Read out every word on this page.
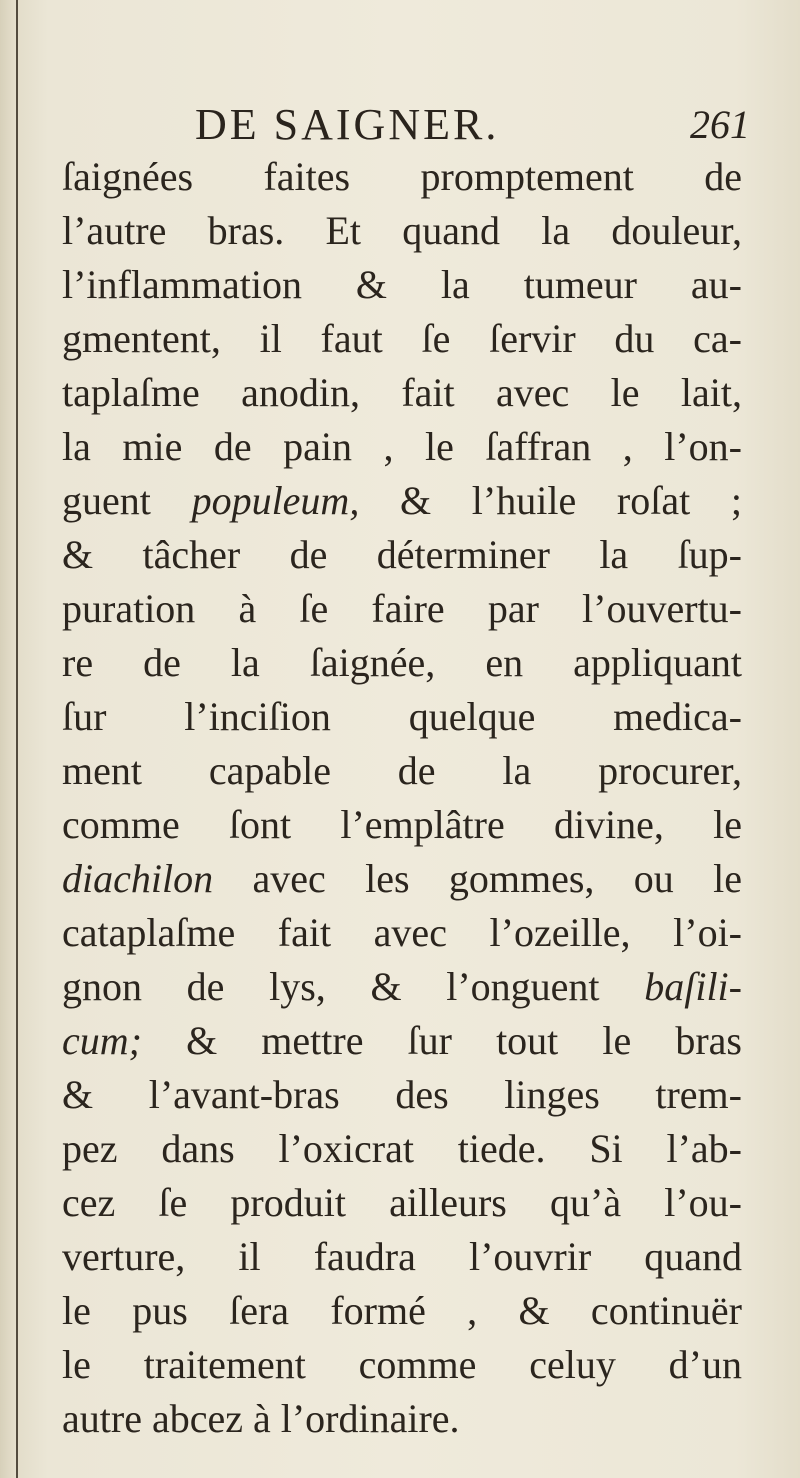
DE SAIGNER.	261
ſaignées faites promptement de
l’autre bras. Et quand la douleur,
l’inflammation & la tumeur au-
gmentent, il faut ſe ſervir du ca-
taplaſme anodin, fait avec le lait,
la mie de pain , le ſaffran , l’on-
guent populeum, & l’huile roſat ;
& tâcher de déterminer la ſup-
puration à ſe faire par l’ouvertu-
re de la ſaignée, en appliquant
ſur l’inciſion quelque medica-
ment capable de la procurer,
comme ſont l’emplâtre divine, le
diachilon avec les gommes, ou le
cataplaſme fait avec l’ozeille, l’oi-
gnon de lys, & l’onguent baſili-
cum; & mettre ſur tout le bras
& l’avant-bras des linges trem-
pez dans l’oxicrat tiede. Si l’ab-
cez ſe produit ailleurs qu’à l’ou-
verture, il faudra l’ouvrir quand
le pus ſera formé , & continuër
le traitement comme celuy d’un
autre abcez à l’ordinaire.
